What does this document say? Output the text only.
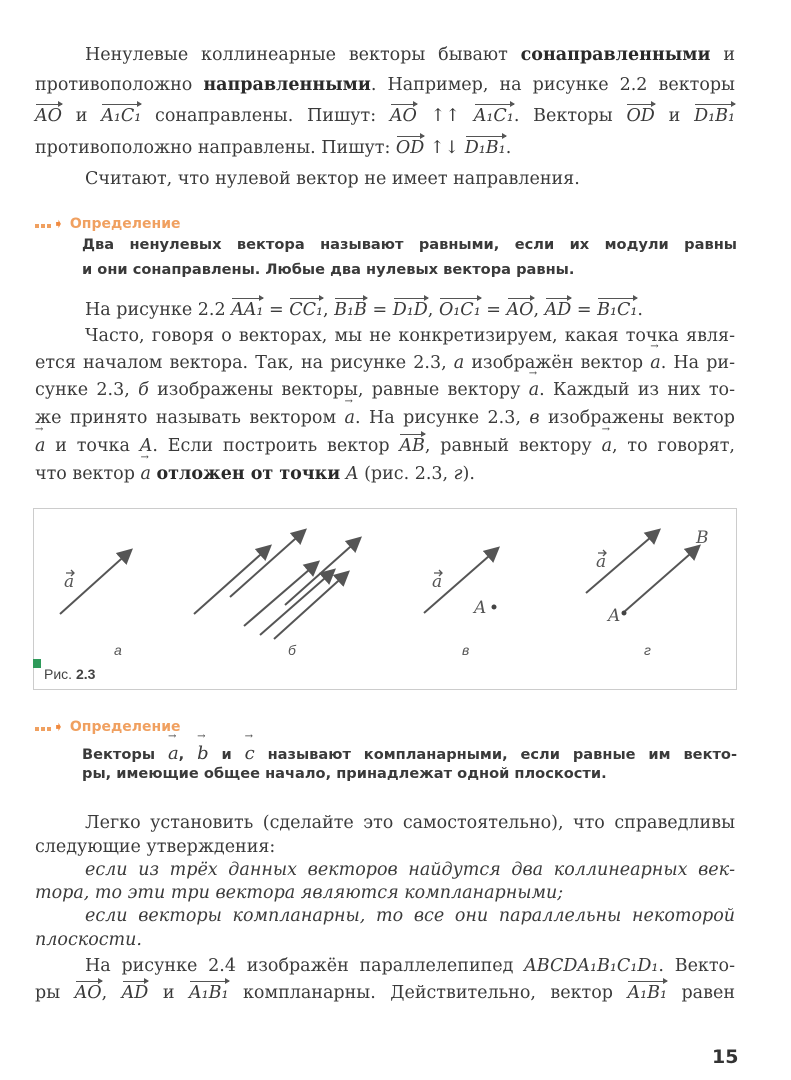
Ненулевые коллинеарные векторы бывают сонаправленными и
противоположно направленными. Например, на рисунке 2.2 векторы
AO и A₁C₁ сонаправлены. Пишут: AO ↑↑ A₁C₁. Векторы OD и D₁B₁
противоположно направлены. Пишут: OD ↑↓ D₁B₁.
Считают, что нулевой вектор не имеет направления.
➧ Определение
Два ненулевых вектора называют равными, если их модули равны
и они сонаправлены. Любые два нулевых вектора равны.
На рисунке 2.2 AA₁ = CC₁, B₁B = D₁D, O₁C₁ = AO, AD = B₁C₁.
Часто, говоря о векторах, мы не конкретизируем, какая точка явля-
ется началом вектора. Так, на рисунке 2.3, а изображён вектор → a. На ри-
сунке 2.3, б изображены векторы, равные вектору → a. Каждый из них то-
же принято называть вектором → a. На рисунке 2.3, в изображены вектор
→ a и точка A. Если построить вектор AB, равный вектору → a, то говорят,
что вектор → a отложен от точки A (рис. 2.3, г).
a	a
a
A	A
B
а	б	в	г
Рис. 2.3
➧ Определение
Векторы → a, → b и → c называют компланарными, если равные им векто-
ры, имеющие общее начало, принадлежат одной плоскости.
Легко установить (сделайте это самостоятельно), что справедливы
следующие утверждения:
если из трёх данных векторов найдутся два коллинеарных век-
тора, то эти три вектора являются компланарными;
если векторы компланарны, то все они параллельны некоторой
плоскости.
На рисунке 2.4 изображён параллелепипед ABCDA₁B₁C₁D₁. Векто-
ры AO, AD и A₁B₁ компланарны. Действительно, вектор A₁B₁ равен
15
